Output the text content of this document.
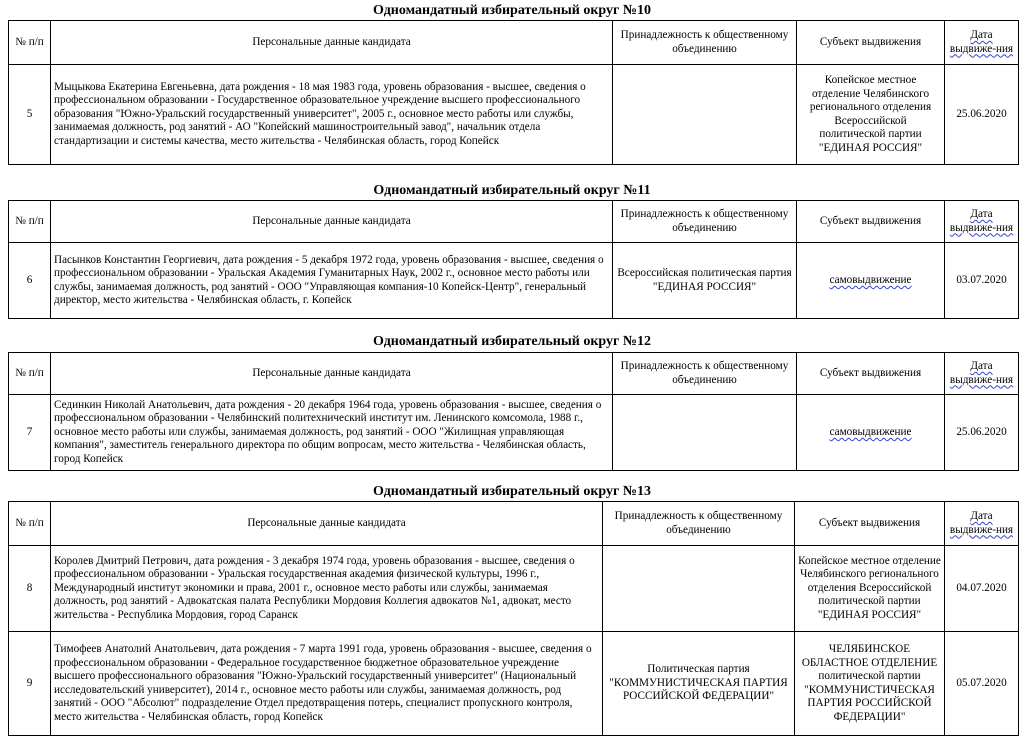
Одномандатный избирательный округ №10
№ п/п	Персональные данные кандидата	Принадлежность к общественному объединению	Субъект выдвижения	Дата выдвиже-ния
5	Мыцыкова Екатерина Евгеньевна, дата рождения - 18 мая 1983 года, уровень образования - высшее, сведения о профессиональном образовании - Государственное образовательное учреждение высшего профессионального образования "Южно-Уральский государственный университет", 2005 г., основное место работы или службы, занимаемая должность, род занятий - АО "Копейский машиностроительный завод", начальник отдела стандартизации и системы качества, место жительства - Челябинская область, город Копейск		Копейское местное отделение Челябинского регионального отделения Всероссийской политической партии "ЕДИНАЯ РОССИЯ"	25.06.2020
Одномандатный избирательный округ №11
№ п/п	Персональные данные кандидата	Принадлежность к общественному объединению	Субъект выдвижения	Дата выдвиже-ния
6	Пасынков Константин Георгиевич, дата рождения - 5 декабря 1972 года, уровень образования - высшее, сведения о профессиональном образовании - Уральская Академия Гуманитарных Наук, 2002 г., основное место работы или службы, занимаемая должность, род занятий - ООО "Управляющая компания-10 Копейск-Центр", генеральный директор, место жительства - Челябинская область, г. Копейск	Всероссийская политическая партия "ЕДИНАЯ РОССИЯ"	самовыдвижение	03.07.2020
Одномандатный избирательный округ №12
№ п/п	Персональные данные кандидата	Принадлежность к общественному объединению	Субъект выдвижения	Дата выдвиже-ния
7	Сединкин Николай Анатольевич, дата рождения - 20 декабря 1964 года, уровень образования - высшее, сведения о профессиональном образовании - Челябинский политехнический институт им. Ленинского комсомола, 1988 г., основное место работы или службы, занимаемая должность, род занятий - ООО "Жилищная управляющая компания", заместитель генерального директора по общим вопросам, место жительства - Челябинская область, город Копейск		самовыдвижение	25.06.2020
Одномандатный избирательный округ №13
№ п/п	Персональные данные кандидата	Принадлежность к общественному объединению	Субъект выдвижения	Дата выдвиже-ния
8	Королев Дмитрий Петрович, дата рождения - 3 декабря 1974 года, уровень образования - высшее, сведения о профессиональном образовании - Уральская государственная академия физической культуры, 1996 г., Международный институт экономики и права, 2001 г., основное место работы или службы, занимаемая должность, род занятий - Адвокатская палата Республики Мордовия Коллегия адвокатов №1, адвокат, место жительства - Республика Мордовия, город Саранск		Копейское местное отделение Челябинского регионального отделения Всероссийской политической партии "ЕДИНАЯ РОССИЯ"	04.07.2020
9	Тимофеев Анатолий Анатольевич, дата рождения - 7 марта 1991 года, уровень образования - высшее, сведения о профессиональном образовании - Федеральное государственное бюджетное образовательное учреждение высшего профессионального образования "Южно-Уральский государственный университет" (Национальный исследовательский университет), 2014 г., основное место работы или службы, занимаемая должность, род занятий - ООО "Абсолют" подразделение Отдел предотвращения потерь, специалист пропускного контроля, место жительства - Челябинская область, город Копейск	Политическая партия "КОММУНИСТИЧЕСКАЯ ПАРТИЯ РОССИЙСКОЙ ФЕДЕРАЦИИ"	ЧЕЛЯБИНСКОЕ ОБЛАСТНОЕ ОТДЕЛЕНИЕ политической партии "КОММУНИСТИЧЕСКАЯ ПАРТИЯ РОССИЙСКОЙ ФЕДЕРАЦИИ"	05.07.2020
